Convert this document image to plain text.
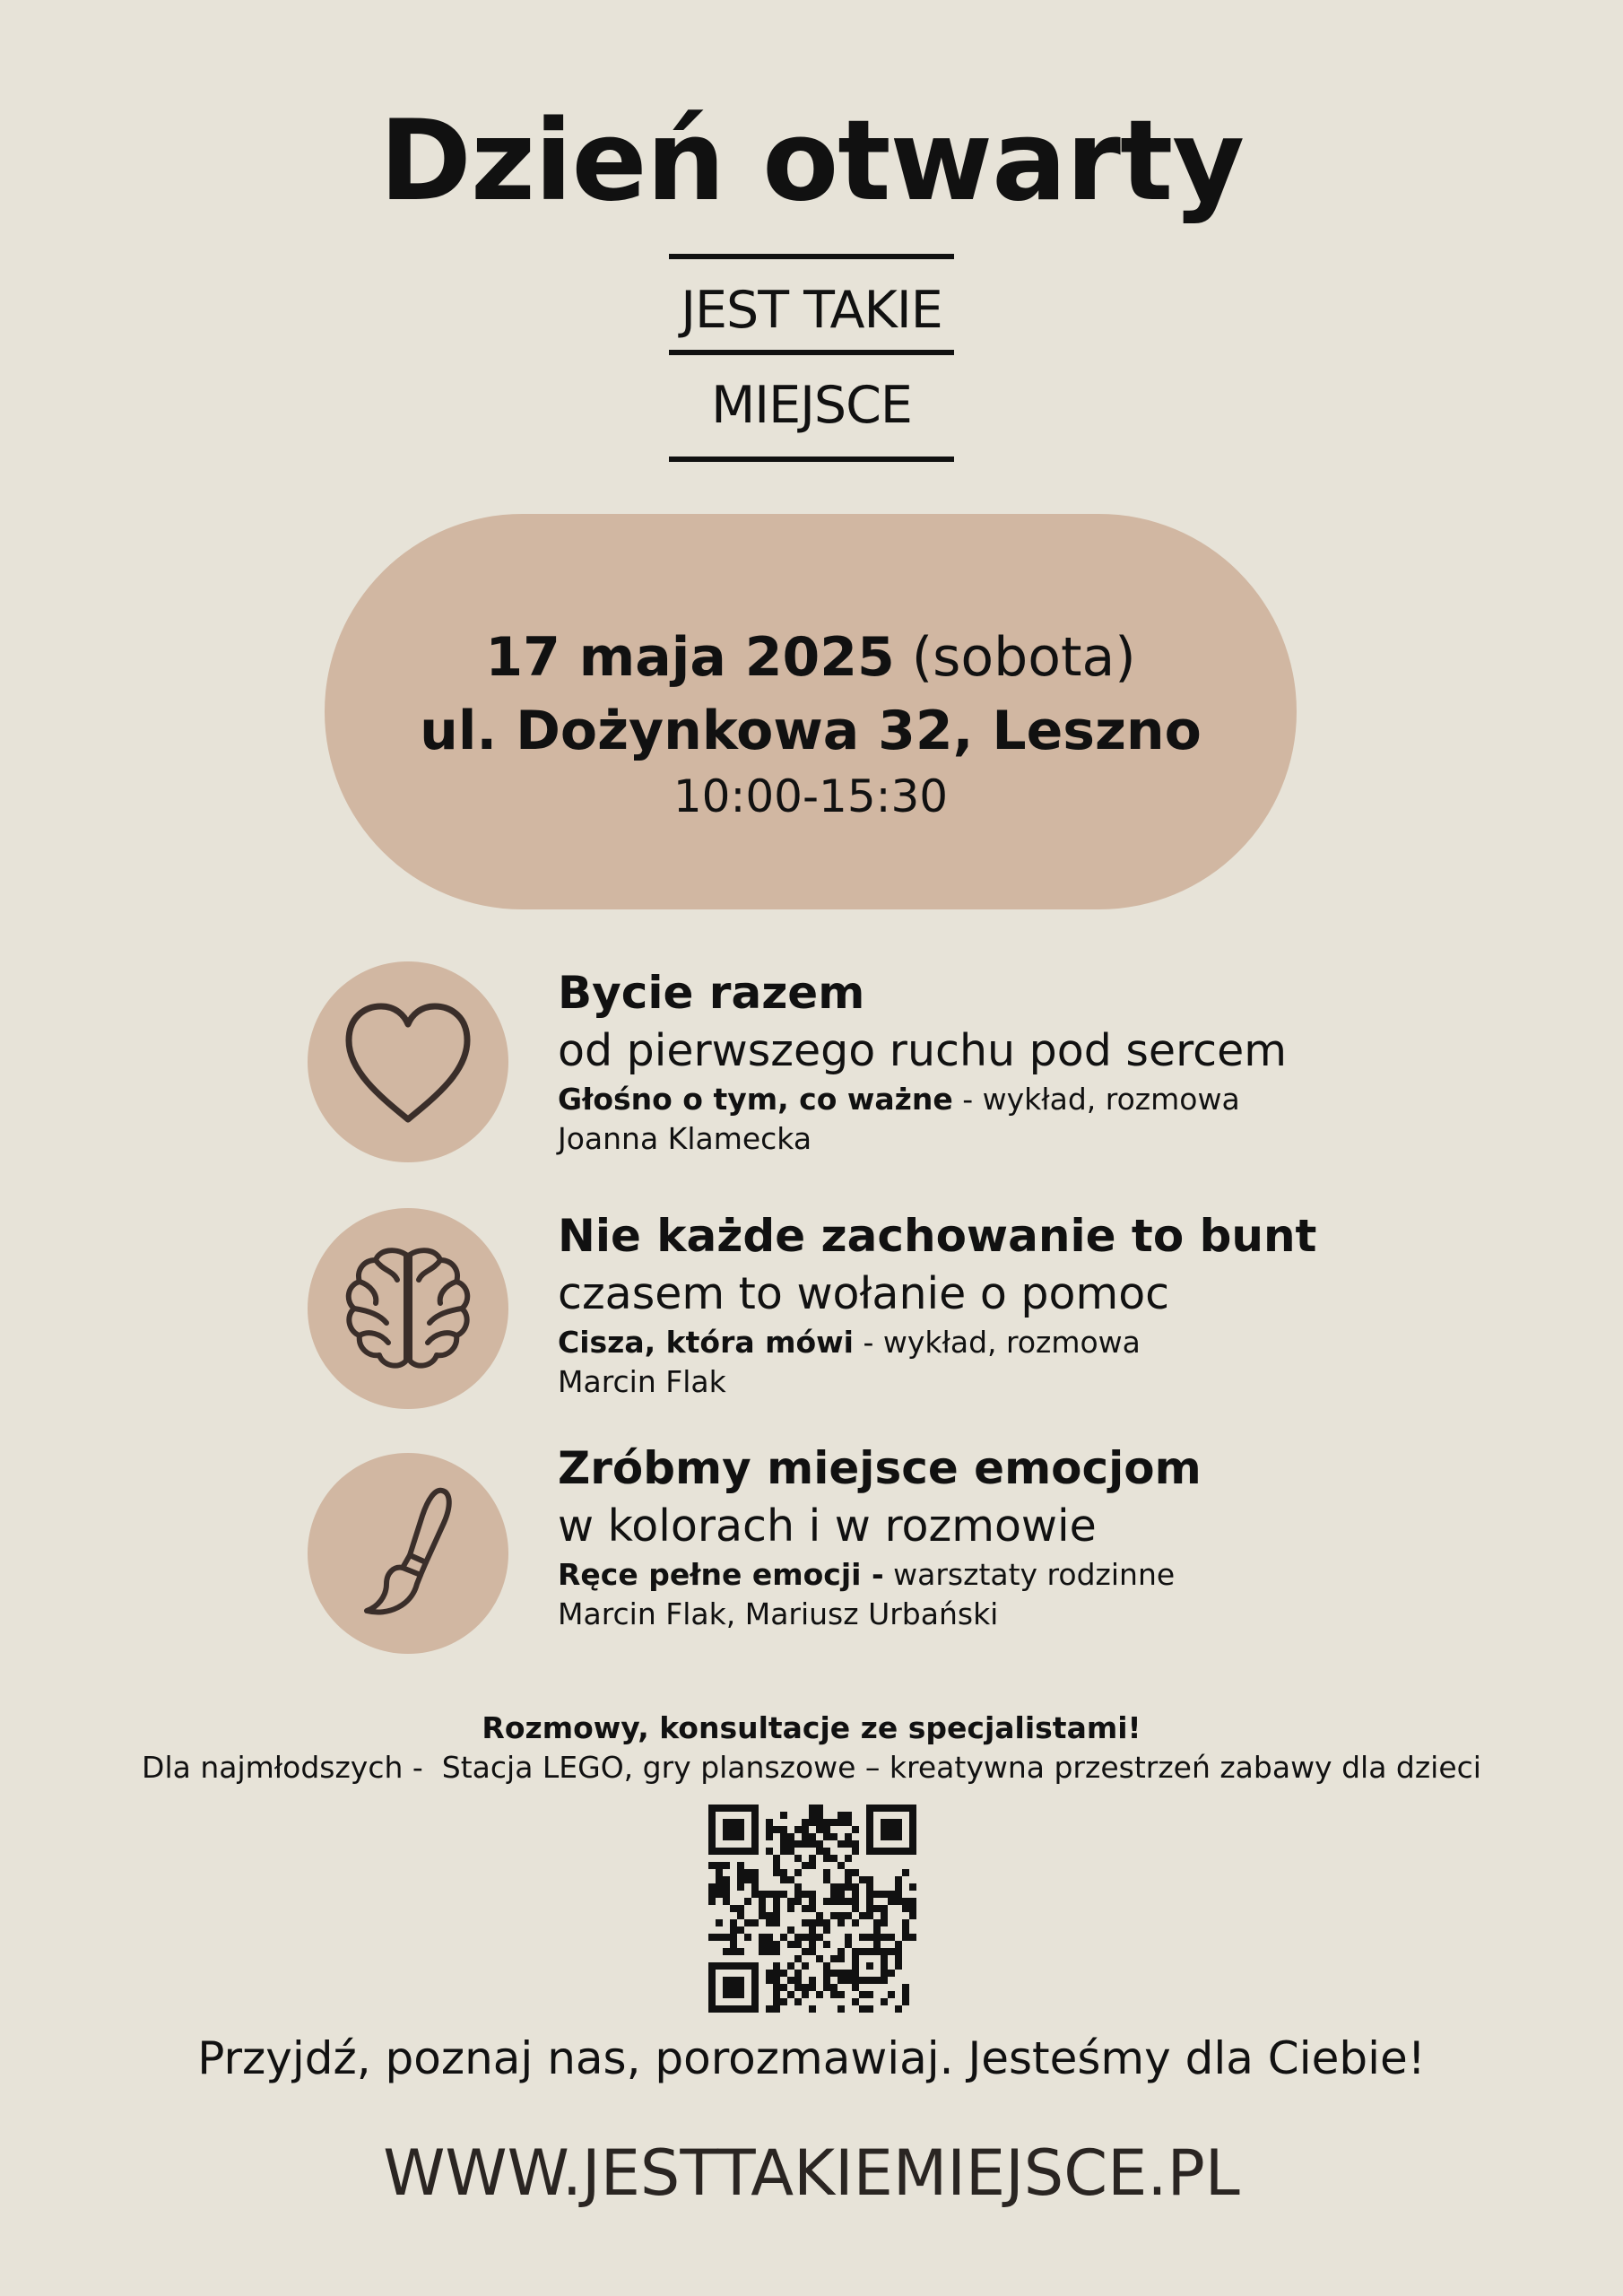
Dzień otwarty
JEST TAKIE
MIEJSCE
17 maja 2025 (sobota)
ul. Dożynkowa 32, Leszno
10:00-15:30
Bycie razem
od pierwszego ruchu pod sercem
Głośno o tym, co ważne - wykład, rozmowa
Joanna Klamecka
Nie każde zachowanie to bunt
czasem to wołanie o pomoc
Cisza, która mówi - wykład, rozmowa
Marcin Flak
Zróbmy miejsce emocjom
w kolorach i w rozmowie
Ręce pełne emocji - warsztaty rodzinne
Marcin Flak, Mariusz Urbański
Rozmowy, konsultacje ze specjalistami!
Dla najmłodszych -  Stacja LEGO, gry planszowe – kreatywna przestrzeń zabawy dla dzieci
Przyjdź, poznaj nas, porozmawiaj. Jesteśmy dla Ciebie!
WWW.JESTTAKIEMIEJSCE.PL
